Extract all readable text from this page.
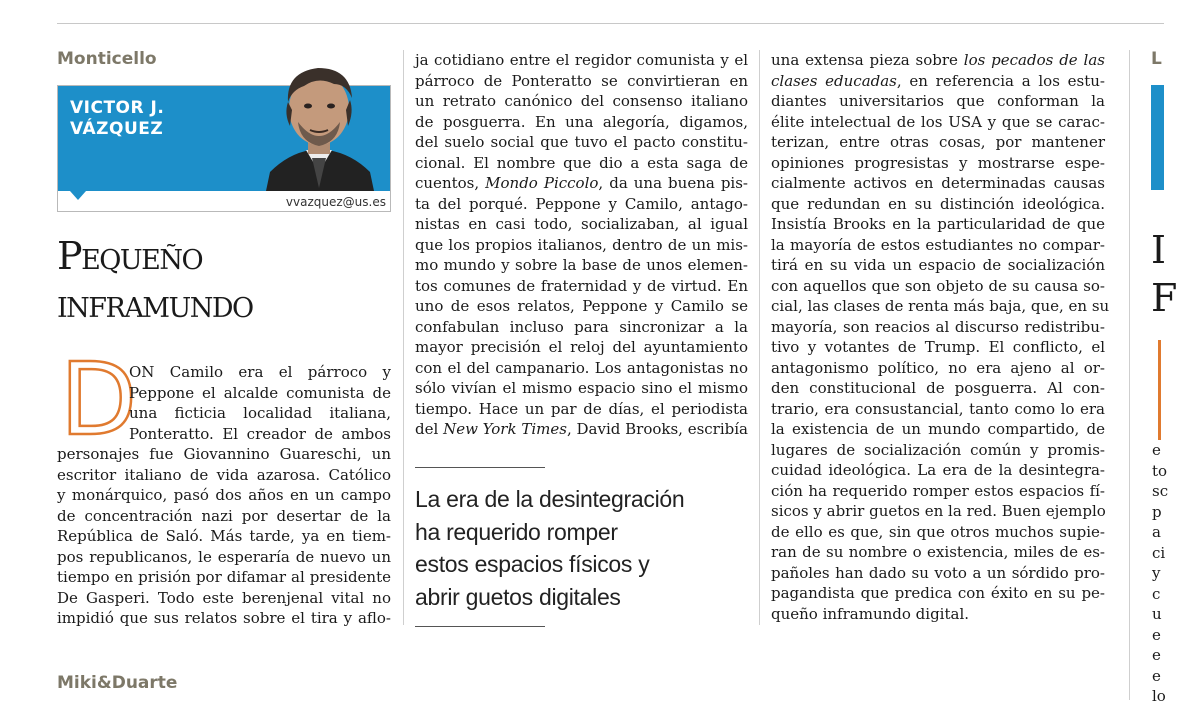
Monticello	L
Miki&Duarte
VICTOR J.
VÁZQUEZ
vvazquez@us.es
Pequeño
inframundo
D
ON Camilo era el párroco y
Peppone el alcalde comunista de
una ficticia localidad italiana,
Ponteratto. El creador de ambos
personajes fue Giovannino Guareschi, un
escritor italiano de vida azarosa. Católico
y monárquico, pasó dos años en un campo
de concentración nazi por desertar de la
República de Saló. Más tarde, ya en tiem-
pos republicanos, le esperaría de nuevo un
tiempo en prisión por difamar al presidente
De Gasperi. Todo este berenjenal vital no
impidió que sus relatos sobre el tira y aflo-
ja cotidiano entre el regidor comunista y el
párroco de Ponteratto se convirtieran en
un retrato canónico del consenso italiano
de posguerra. En una alegoría, digamos,
del suelo social que tuvo el pacto constitu-
cional. El nombre que dio a esta saga de
cuentos, Mondo Piccolo, da una buena pis-
ta del porqué. Peppone y Camilo, antago-
nistas en casi todo, socializaban, al igual
que los propios italianos, dentro de un mis-
mo mundo y sobre la base de unos elemen-
tos comunes de fraternidad y de virtud. En
uno de esos relatos, Peppone y Camilo se
confabulan incluso para sincronizar a la
mayor precisión el reloj del ayuntamiento
con el del campanario. Los antagonistas no
sólo vivían el mismo espacio sino el mismo
tiempo. Hace un par de días, el periodista
del New York Times, David Brooks, escribía
La era de la desintegración
ha requerido romper
estos espacios físicos y
abrir guetos digitales
una extensa pieza sobre los pecados de las
clases educadas, en referencia a los estu-
diantes universitarios que conforman la
élite intelectual de los USA y que se carac-
terizan, entre otras cosas, por mantener
opiniones progresistas y mostrarse espe-
cialmente activos en determinadas causas
que redundan en su distinción ideológica.
Insistía Brooks en la particularidad de que
la mayoría de estos estudiantes no compar-
tirá en su vida un espacio de socialización
con aquellos que son objeto de su causa so-
cial, las clases de renta más baja, que, en su
mayoría, son reacios al discurso redistribu-
tivo y votantes de Trump. El conflicto, el
antagonismo político, no era ajeno al or-
den constitucional de posguerra. Al con-
trario, era consustancial, tanto como lo era
la existencia de un mundo compartido, de
lugares de socialización común y promis-
cuidad ideológica. La era de la desintegra-
ción ha requerido romper estos espacios fí-
sicos y abrir guetos en la red. Buen ejemplo
de ello es que, sin que otros muchos supie-
ran de su nombre o existencia, miles de es-
pañoles han dado su voto a un sórdido pro-
pagandista que predica con éxito en su pe-
queño inframundo digital.
I
F
e
to
sc
p
a
ci
y
c
u
e
e
e
lo
